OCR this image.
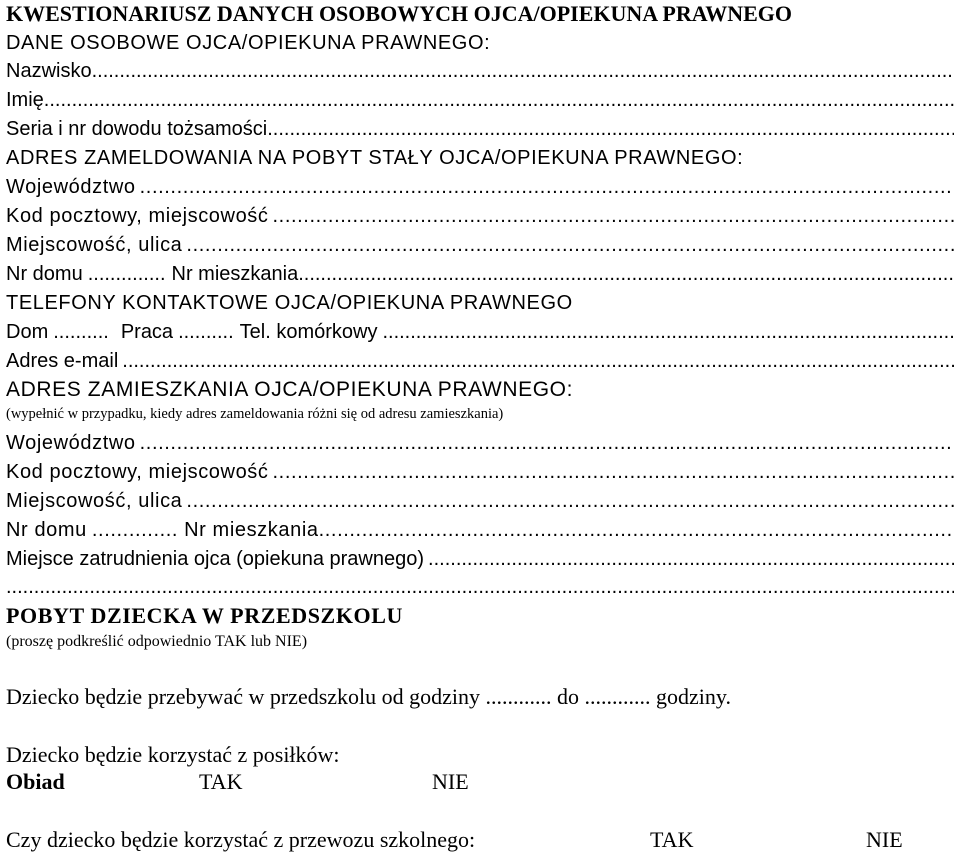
KWESTIONARIUSZ DANYCH OSOBOWYCH OJCA/OPIEKUNA PRAWNEGO
DANE OSOBOWE OJCA/OPIEKUNA PRAWNEGO:
Nazwisko
.....
Imię
.....
Seria i nr dowodu tożsamości
.....
ADRES ZAMELDOWANIA NA POBYT STAŁY OJCA/OPIEKUNA PRAWNEGO:
Województwo
.....
Kod pocztowy, miejscowość
.....
Miejscowość, ulica
.....
Nr domu .............. Nr mieszkania
.....
TELEFONY KONTAKTOWE OJCA/OPIEKUNA PRAWNEGO
Dom .......... Praca .......... Tel. komórkowy
.....
Adres e-mail
.....
ADRES ZAMIESZKANIA OJCA/OPIEKUNA PRAWNEGO:
(wypełnić w przypadku, kiedy adres zameldowania różni się od adresu zamieszkania)
Województwo
.....
Kod pocztowy, miejscowość
.....
Miejscowość, ulica
.....
Nr domu .............. Nr mieszkania
.....
Miejsce zatrudnienia ojca (opiekuna prawnego)
.....
.....
POBYT DZIECKA W PRZEDSZKOLU
(proszę podkreślić odpowiednio TAK lub NIE)
Dziecko będzie przebywać w przedszkolu od godziny ............ do ............ godziny.
Dziecko będzie korzystać z posiłków:
Obiad	TAK	NIE
Czy dziecko będzie korzystać z przewozu szkolnego:	TAK	NIE
